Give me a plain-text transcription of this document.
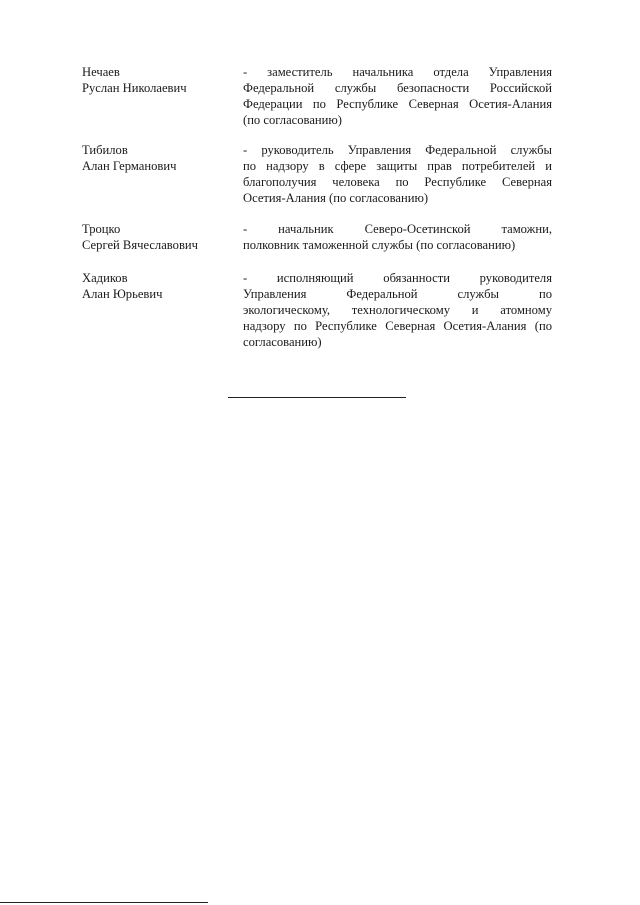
Нечаев
Руслан Николаевич
- заместитель начальника отдела Управления
Федеральной службы безопасности Российской
Федерации по Республике Северная Осетия-Алания
(по согласованию)
Тибилов
Алан Германович
- руководитель Управления Федеральной службы
по надзору в сфере защиты прав потребителей и
благополучия человека по Республике Северная
Осетия-Алания (по согласованию)
Троцко
Сергей Вячеславович
- начальник Северо-Осетинской таможни,
полковник таможенной службы (по согласованию)
Хадиков
Алан Юрьевич
- исполняющий обязанности руководителя
Управления Федеральной службы по
экологическому, технологическому и атомному
надзору по Республике Северная Осетия-Алания (по
согласованию)
